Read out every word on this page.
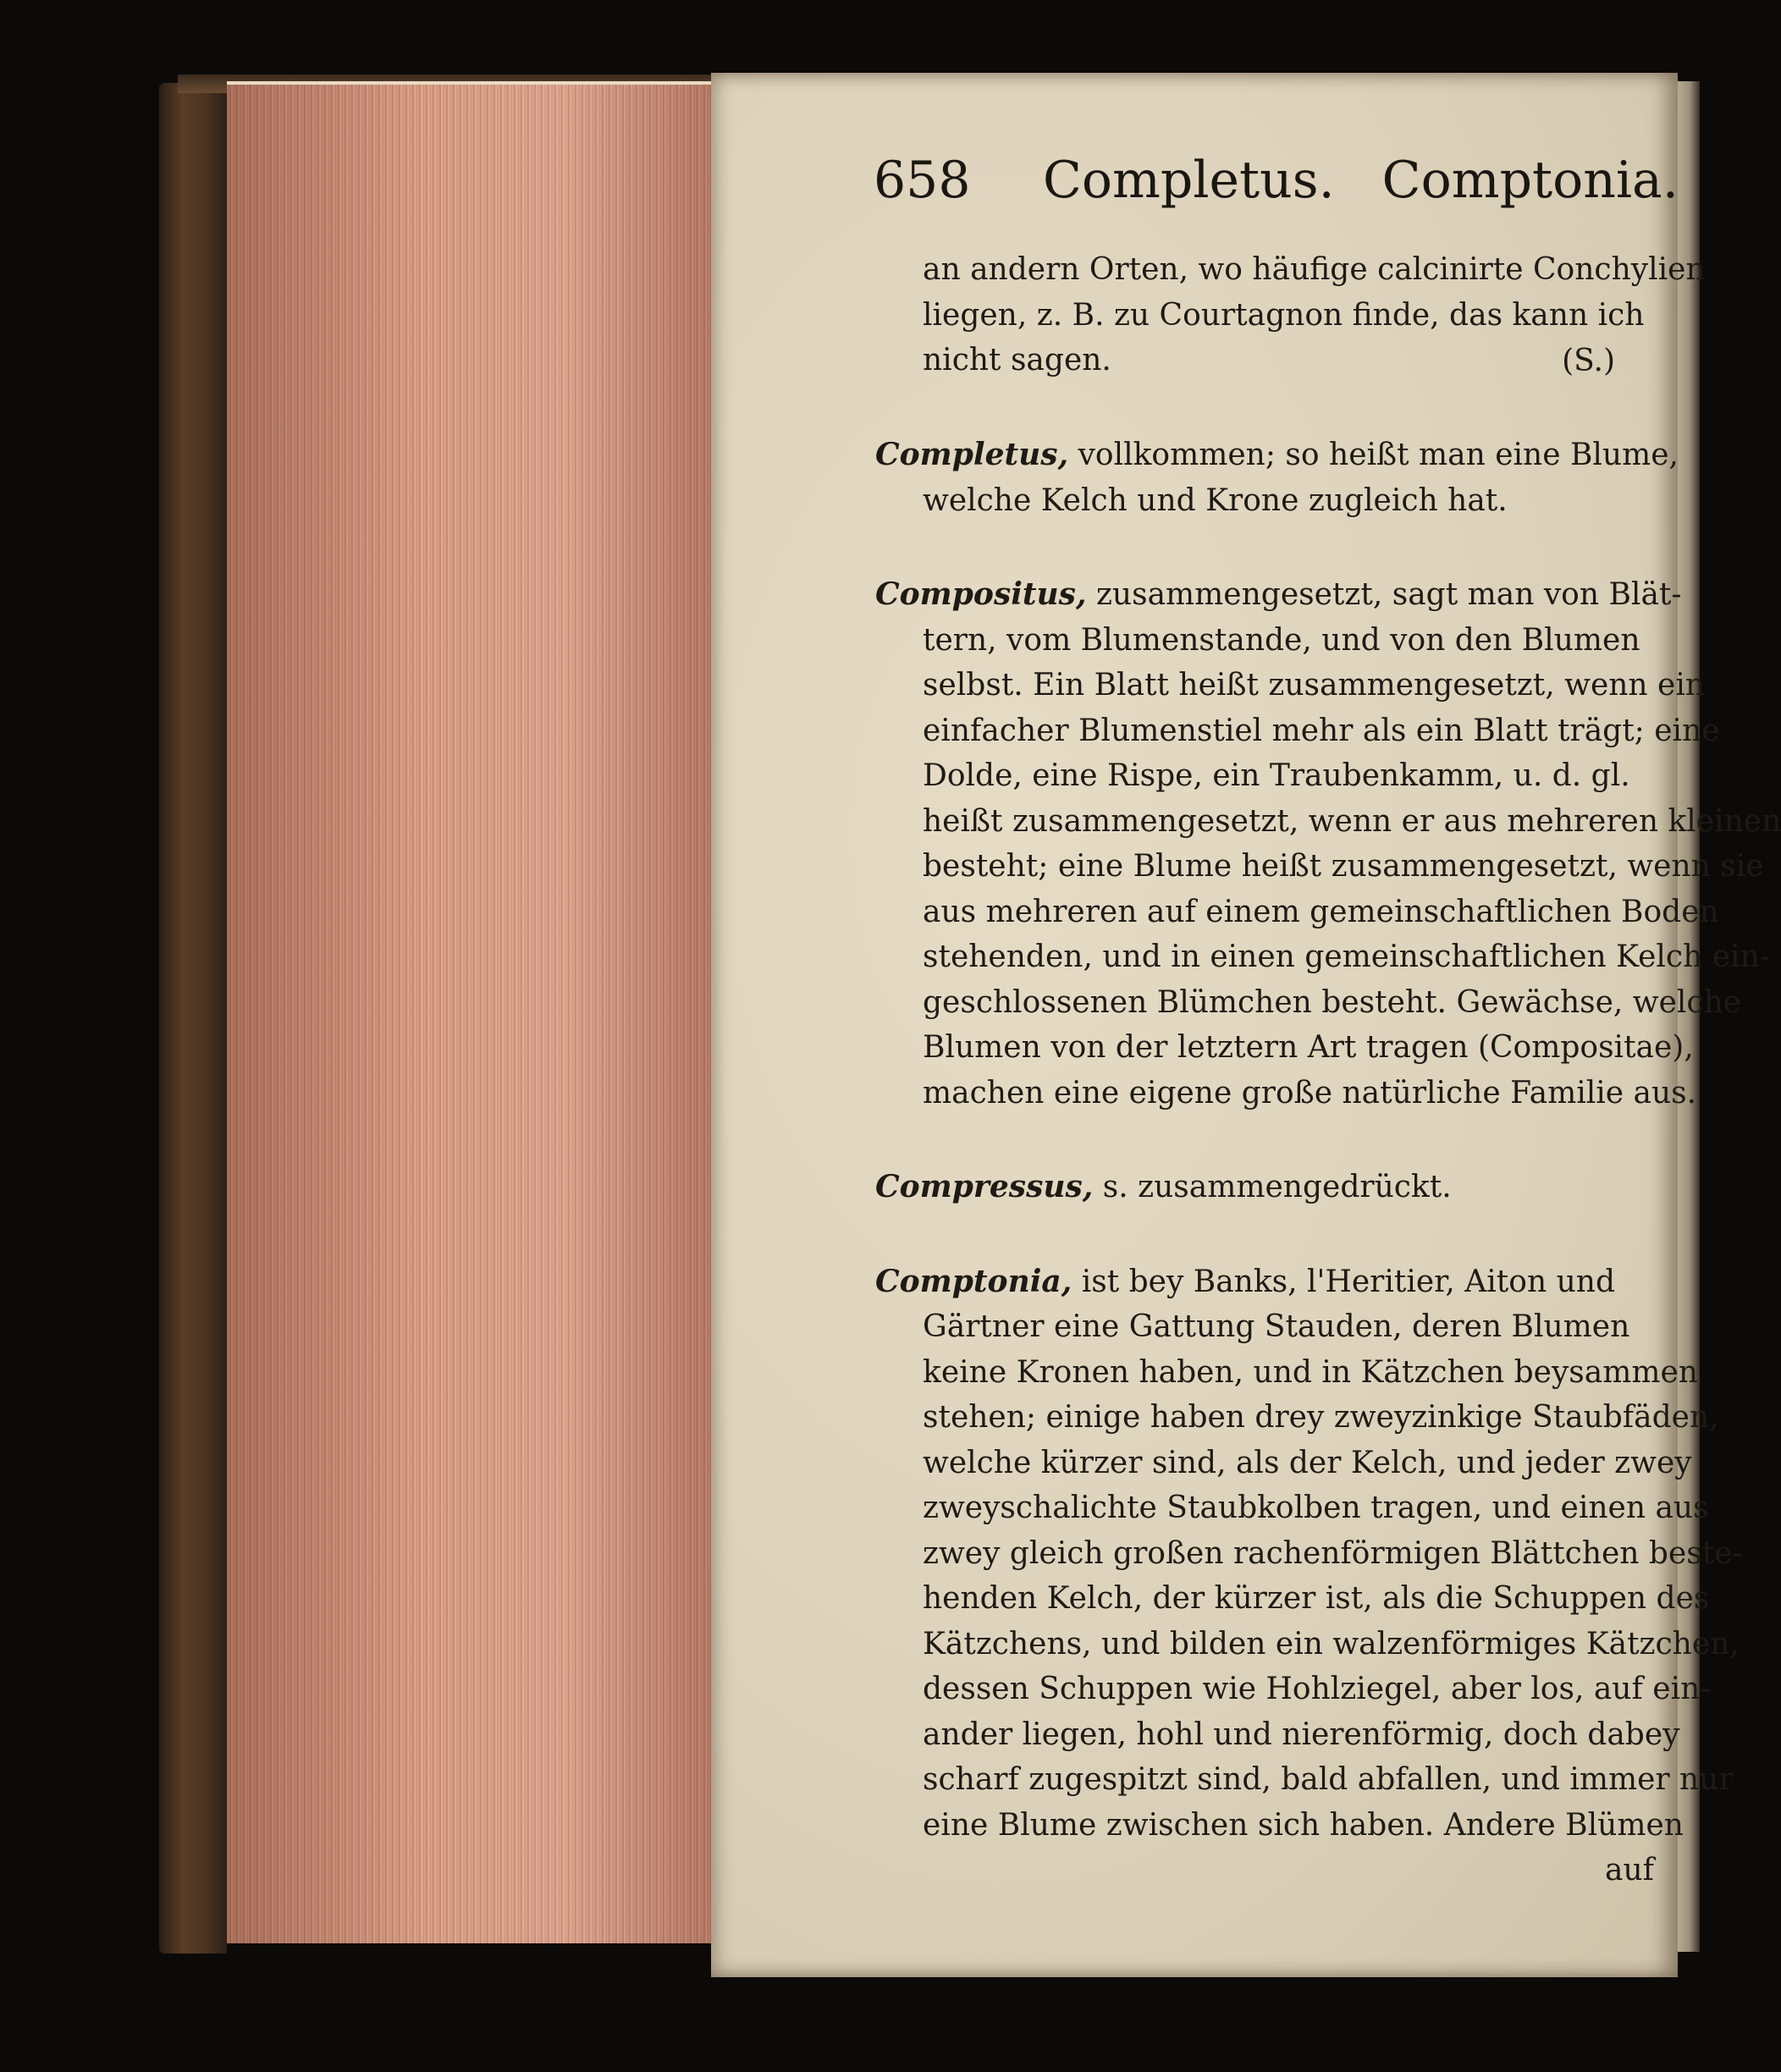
658 Completus. Comptonia.
an andern Orten, wo häufige calcinirte Conchylien
liegen, z. B. zu Courtagnon finde, das kann ich
nicht sagen.	(S.)
Completus, vollkommen; so heißt man eine Blume,
welche Kelch und Krone zugleich hat.
Compositus, zusammengesetzt, sagt man von Blät-
tern, vom Blumenstande, und von den Blumen
selbst. Ein Blatt heißt zusammengesetzt, wenn ein
einfacher Blumenstiel mehr als ein Blatt trägt; eine
Dolde, eine Rispe, ein Traubenkamm, u. d. gl.
heißt zusammengesetzt, wenn er aus mehreren kleinen
besteht; eine Blume heißt zusammengesetzt, wenn sie
aus mehreren auf einem gemeinschaftlichen Boden
stehenden, und in einen gemeinschaftlichen Kelch ein-
geschlossenen Blümchen besteht. Gewächse, welche
Blumen von der letztern Art tragen (Compositae),
machen eine eigene große natürliche Familie aus.
Compressus, s. zusammengedrückt.
Comptonia, ist bey Banks, l'Heritier, Aiton und
Gärtner eine Gattung Stauden, deren Blumen
keine Kronen haben, und in Kätzchen beysammen
stehen; einige haben drey zweyzinkige Staubfäden,
welche kürzer sind, als der Kelch, und jeder zwey
zweyschalichte Staubkolben tragen, und einen aus
zwey gleich großen rachenförmigen Blättchen beste-
henden Kelch, der kürzer ist, als die Schuppen des
Kätzchens, und bilden ein walzenförmiges Kätzchen,
dessen Schuppen wie Hohlziegel, aber los, auf ein-
ander liegen, hohl und nierenförmig, doch dabey
scharf zugespitzt sind, bald abfallen, und immer nur
eine Blume zwischen sich haben. Andere Blümen
auf
